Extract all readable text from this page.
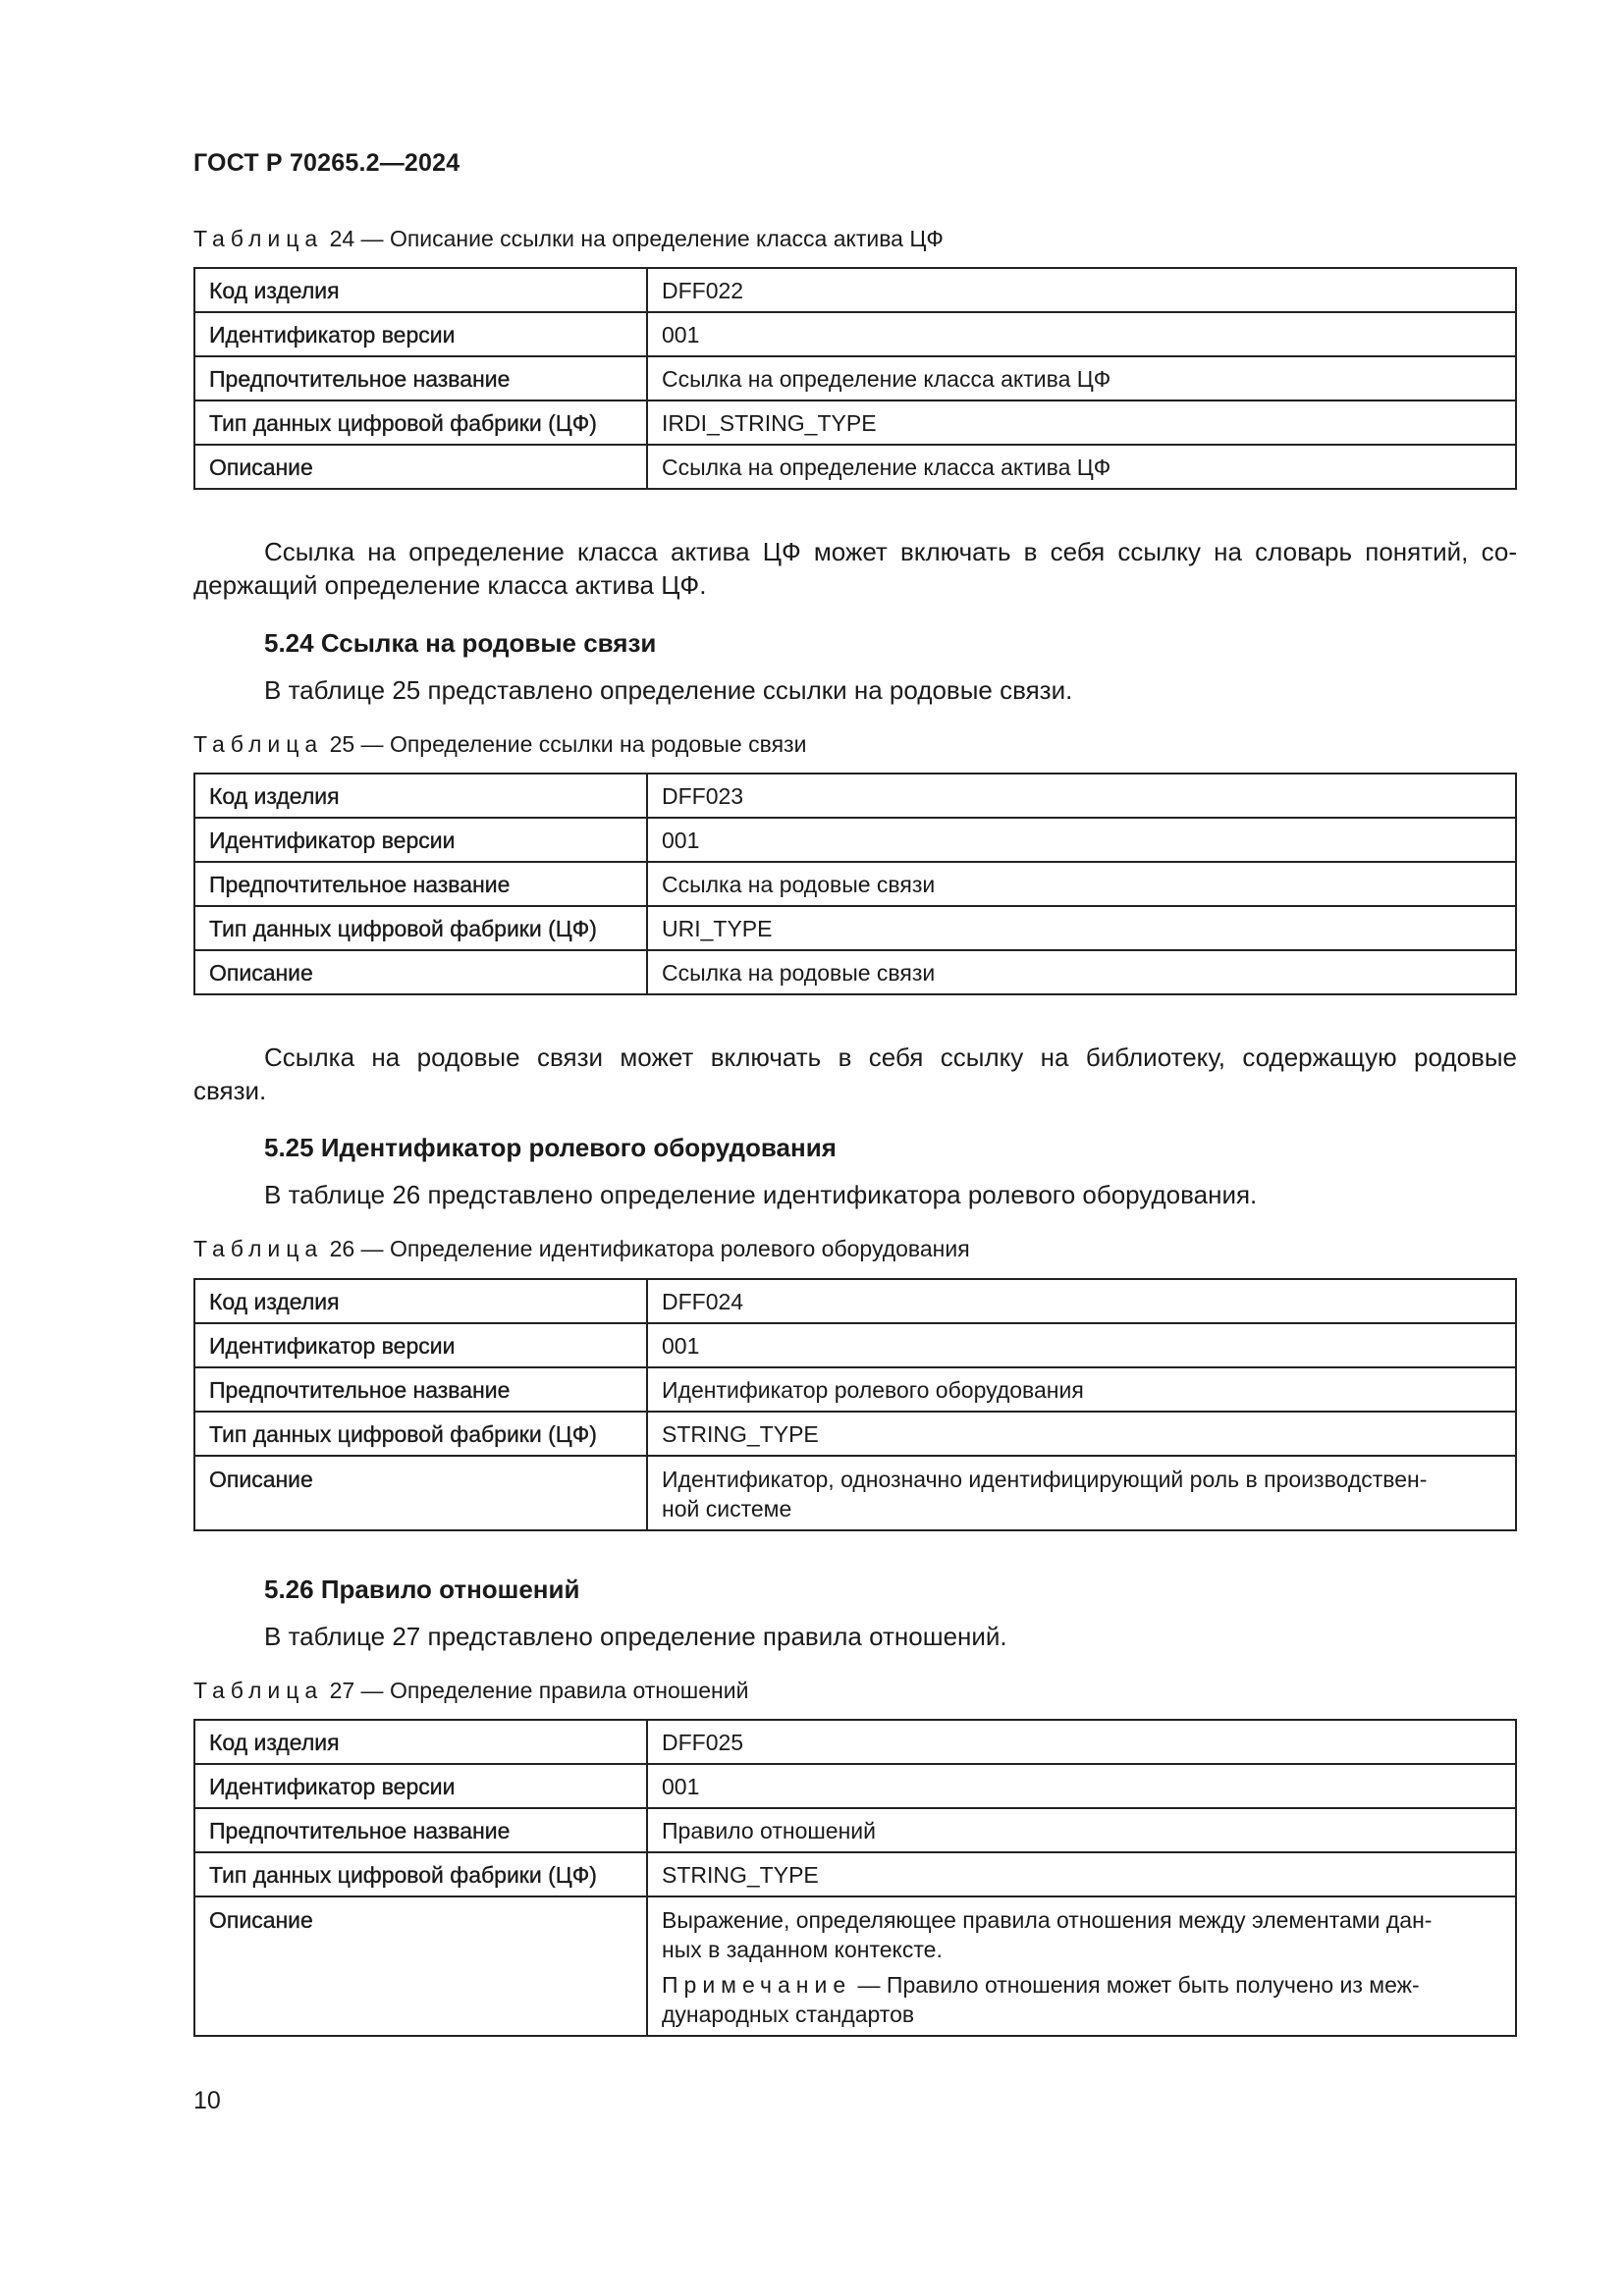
ГОСТ Р 70265.2—2024
Таблица 24 — Описание ссылки на определение класса актива ЦФ
Код изделия	DFF022
Идентификатор версии	001
Предпочтительное название	Ссылка на определение класса актива ЦФ
Тип данных цифровой фабрики (ЦФ)	IRDI_STRING_TYPE
Описание	Ссылка на определение класса актива ЦФ
Ссылка на определение класса актива ЦФ может включать в себя ссылку на словарь понятий, со-
держащий определение класса актива ЦФ.
5.24 Ссылка на родовые связи
В таблице 25 представлено определение ссылки на родовые связи.
Таблица 25 — Определение ссылки на родовые связи
Код изделия	DFF023
Идентификатор версии	001
Предпочтительное название	Ссылка на родовые связи
Тип данных цифровой фабрики (ЦФ)	URI_TYPE
Описание	Ссылка на родовые связи
Ссылка на родовые связи может включать в себя ссылку на библиотеку, содержащую родовые
связи.
5.25 Идентификатор ролевого оборудования
В таблице 26 представлено определение идентификатора ролевого оборудования.
Таблица 26 — Определение идентификатора ролевого оборудования
Код изделия	DFF024
Идентификатор версии	001
Предпочтительное название	Идентификатор ролевого оборудования
Тип данных цифровой фабрики (ЦФ)	STRING_TYPE
Описание	Идентификатор, однозначно идентифицирующий роль в производствен-
ной системе
5.26 Правило отношений
В таблице 27 представлено определение правила отношений.
Таблица 27 — Определение правила отношений
Код изделия	DFF025
Идентификатор версии	001
Предпочтительное название	Правило отношений
Тип данных цифровой фабрики (ЦФ)	STRING_TYPE
Описание	Выражение, определяющее правила отношения между элементами дан-
ных в заданном контексте.
Примечание — Правило отношения может быть получено из меж-
дународных стандартов
10
